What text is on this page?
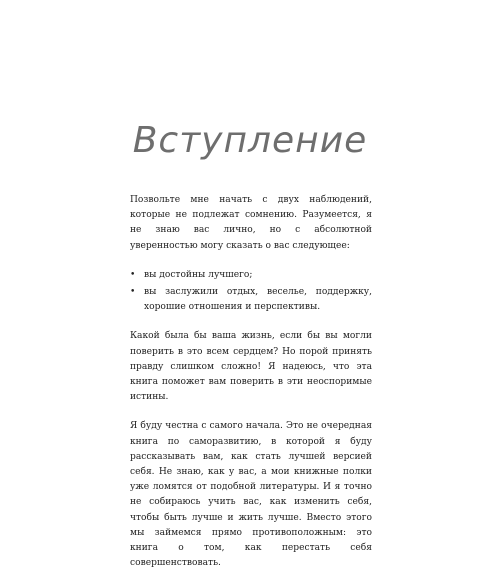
Вступление

Позвольте мне начать с двух наблюдений, которые не подлежат сомнению. Разумеется, я не знаю вас лично, но с абсолютной уверенностью могу сказать о вас следующее:

• вы достойны лучшего;
• вы заслужили отдых, веселье, поддержку, хорошие отношения и перспективы.

Какой была бы ваша жизнь, если бы вы могли поверить в это всем сердцем? Но порой принять правду слишком сложно! Я надеюсь, что эта книга поможет вам поверить в эти неоспоримые истины.

Я буду честна с самого начала. Это не очередная книга по саморазвитию, в которой я буду рассказывать вам, как стать лучшей версией себя. Не знаю, как у вас, а мои книжные полки уже ломятся от подобной литературы. И я точно не собираюсь учить вас, как изменить себя, чтобы быть лучше и жить лучше. Вместо этого мы займемся прямо противоположным: это книга о том, как перестать себя совершенствовать.
